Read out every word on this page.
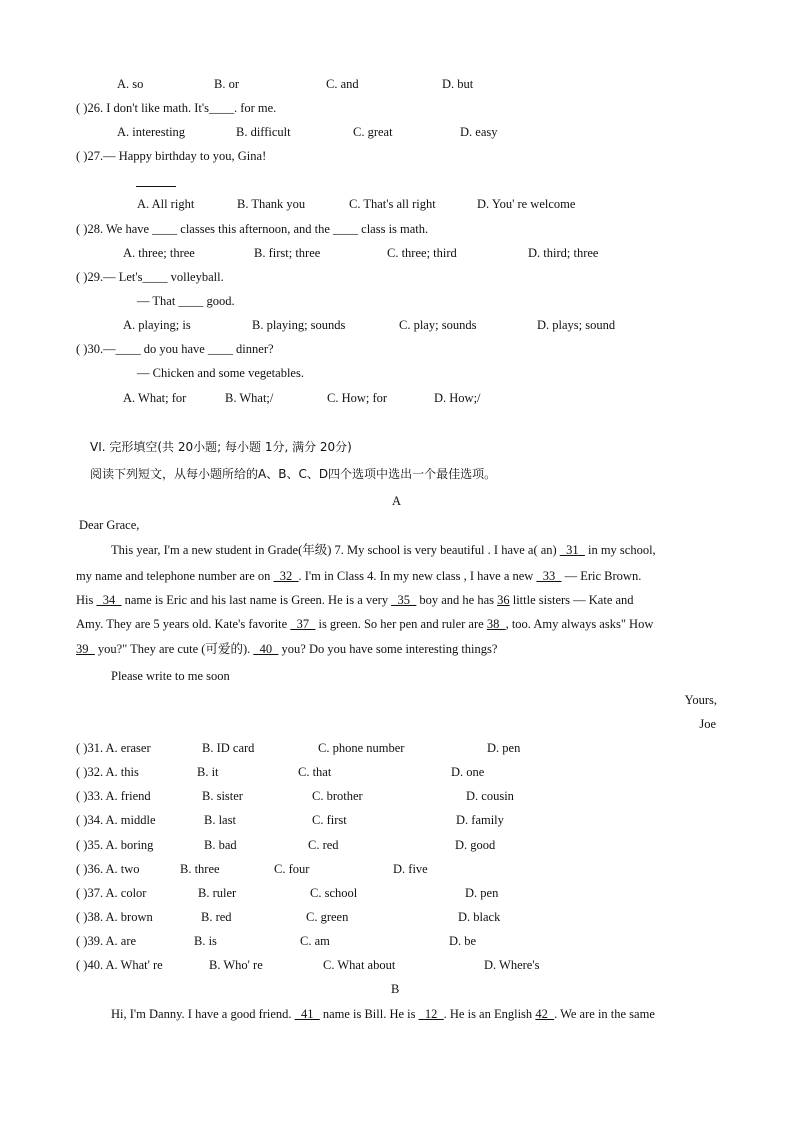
A. so	B. or	C. and	D. but
( )26. I don't like math. It's____. for me.
A. interesting	B. difficult	C. great	D. easy
( )27.— Happy birthday to you, Gina!
A. All right	B. Thank you	C. That's all right	D. You' re welcome
( )28. We have ____ classes this afternoon, and the ____ class is math.
A. three; three	B. first; three	C. three; third	D. third; three
( )29.— Let's____ volleyball.
— That ____ good.
A. playing; is	B. playing; sounds	C. play; sounds	D. plays; sound
( )30.—____ do you have ____ dinner?
— Chicken and some vegetables.
A. What; for	B. What;/	C. How; for	D. How;/
VI. 完形填空(共 20小题; 每小题 1分, 满分 20分)
阅读下列短文，从每小题所给的A、B、C、D四个选项中选出一个最佳选项。
A
Dear Grace,
This year, I'm a new student in Grade(年级) 7. My school is very beautiful . I have a( an) _31_ in my school,
my name and telephone number are on _32_. I'm in Class 4. In my new class , I have a new _33_ — Eric Brown.
His _34_ name is Eric and his last name is Green. He is a very _35_ boy and he has 36 little sisters — Kate and
Amy. They are 5 years old. Kate's favorite _37_ is green. So her pen and ruler are 38_, too. Amy always asks" How
39_ you?" They are cute (可爱的). _40_ you? Do you have some interesting things?
Please write to me soon
Yours,
Joe
( )31. A. eraser	B. ID card	C. phone number	D. pen
( )32. A. this	B. it	C. that	D. one
( )33. A. friend	B. sister	C. brother	D. cousin
( )34. A. middle	B. last	C. first	D. family
( )35. A. boring	B. bad	C. red	D. good
( )36. A. two	B. three	C. four	D. five
( )37. A. color	B. ruler	C. school	D. pen
( )38. A. brown	B. red	C. green	D. black
( )39. A. are	B. is	C. am	D. be
( )40. A. What' re	B. Who' re	C. What about	D. Where's
B
Hi, I'm Danny. I have a good friend. _41_ name is Bill. He is _12_. He is an English 42_. We are in the same
